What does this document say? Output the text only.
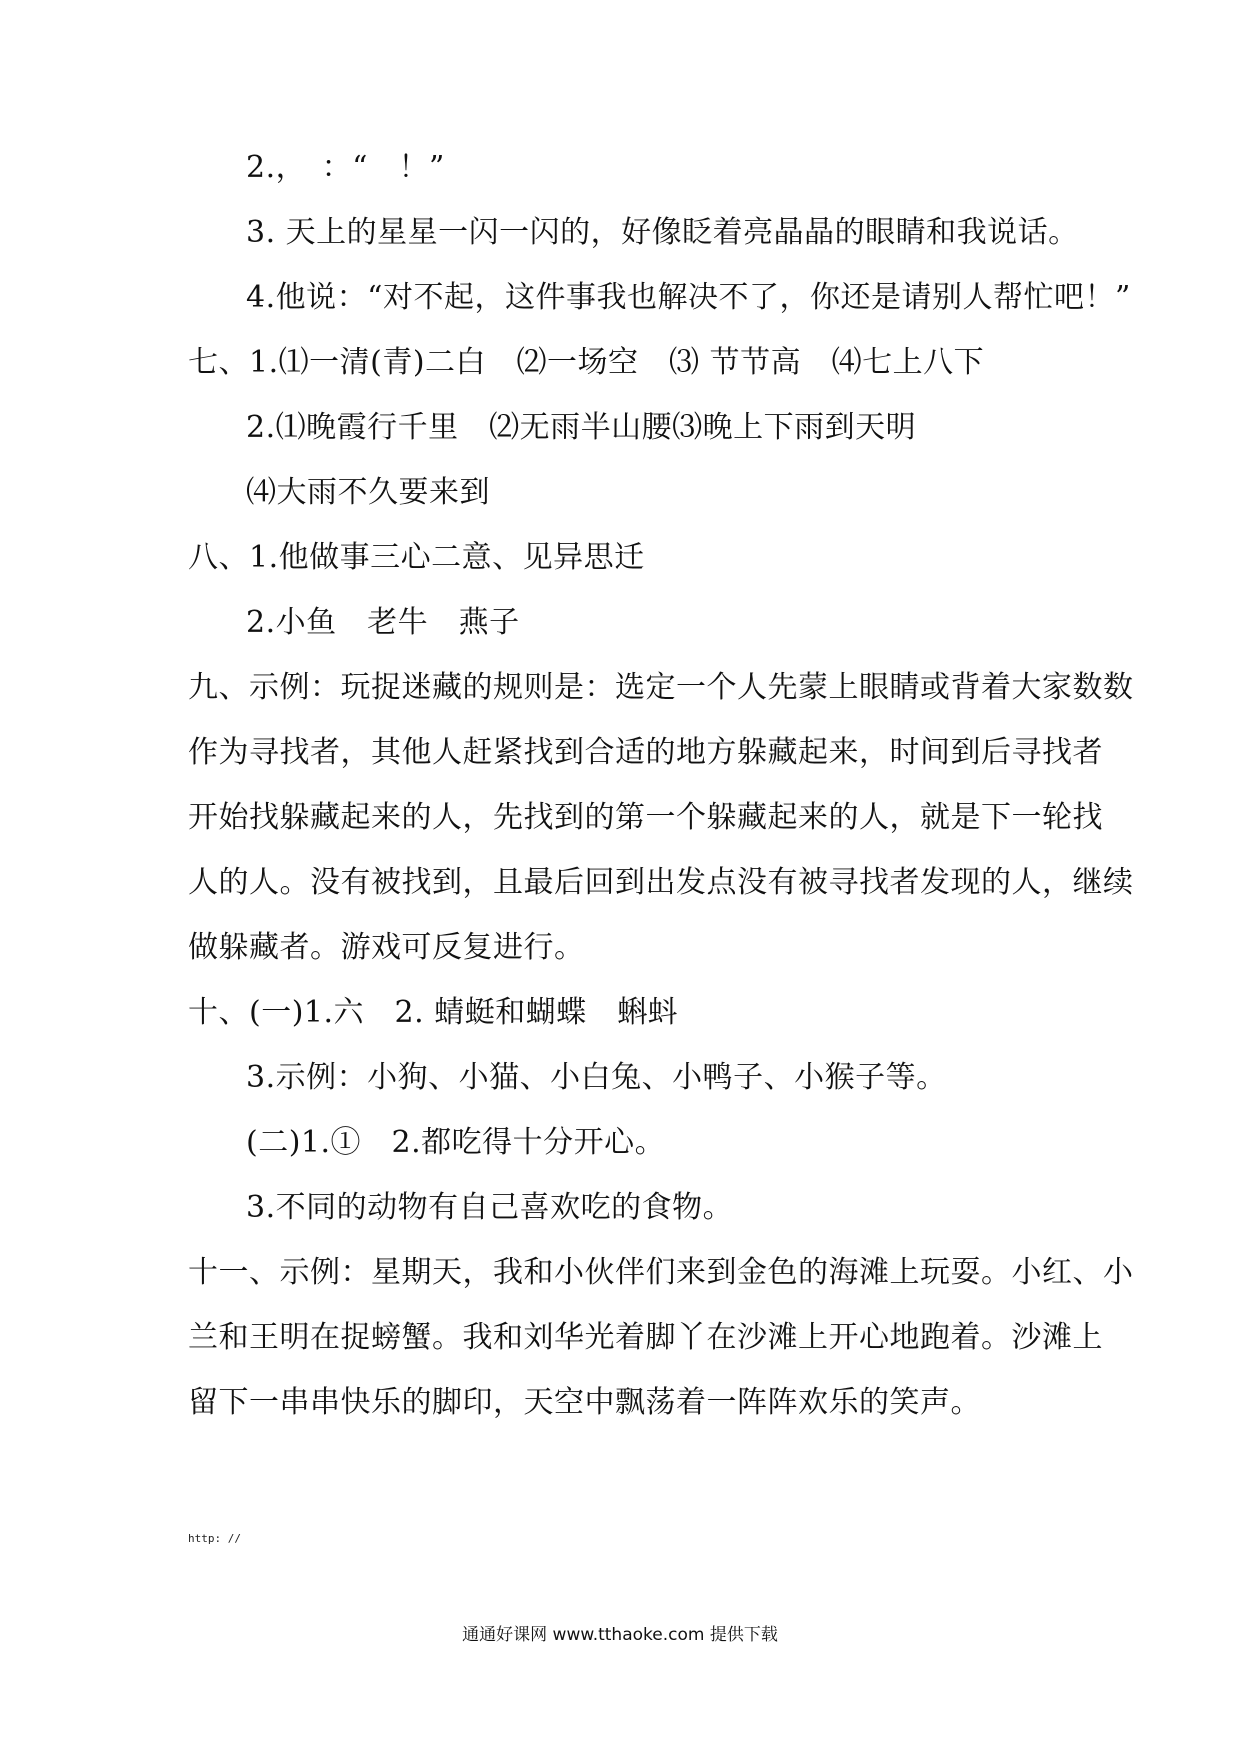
2.，　：“　！”
3. 天上的星星一闪一闪的，好像眨着亮晶晶的眼睛和我说话。
4.他说：“对不起，这件事我也解决不了，你还是请别人帮忙吧！”
七、1.⑴一清(青)二白　⑵一场空　⑶ 节节高　⑷七上八下
2.⑴晚霞行千里　⑵无雨半山腰⑶晚上下雨到天明
⑷大雨不久要来到
八、1.他做事三心二意、见异思迁
2.小鱼　老牛　燕子
九、示例：玩捉迷藏的规则是：选定一个人先蒙上眼睛或背着大家数数
作为寻找者，其他人赶紧找到合适的地方躲藏起来，时间到后寻找者
开始找躲藏起来的人，先找到的第一个躲藏起来的人，就是下一轮找
人的人。没有被找到，且最后回到出发点没有被寻找者发现的人，继续
做躲藏者。游戏可反复进行。
十、(一)1.六　2. 蜻蜓和蝴蝶　蝌蚪
3.示例：小狗、小猫、小白兔、小鸭子、小猴子等。
(二)1.①　2.都吃得十分开心。
3.不同的动物有自己喜欢吃的食物。
十一、示例：星期天，我和小伙伴们来到金色的海滩上玩耍。小红、小
兰和王明在捉螃蟹。我和刘华光着脚丫在沙滩上开心地跑着。沙滩上
留下一串串快乐的脚印，天空中飘荡着一阵阵欢乐的笑声。
http: //
通通好课网 www.tthaoke.com 提供下载
